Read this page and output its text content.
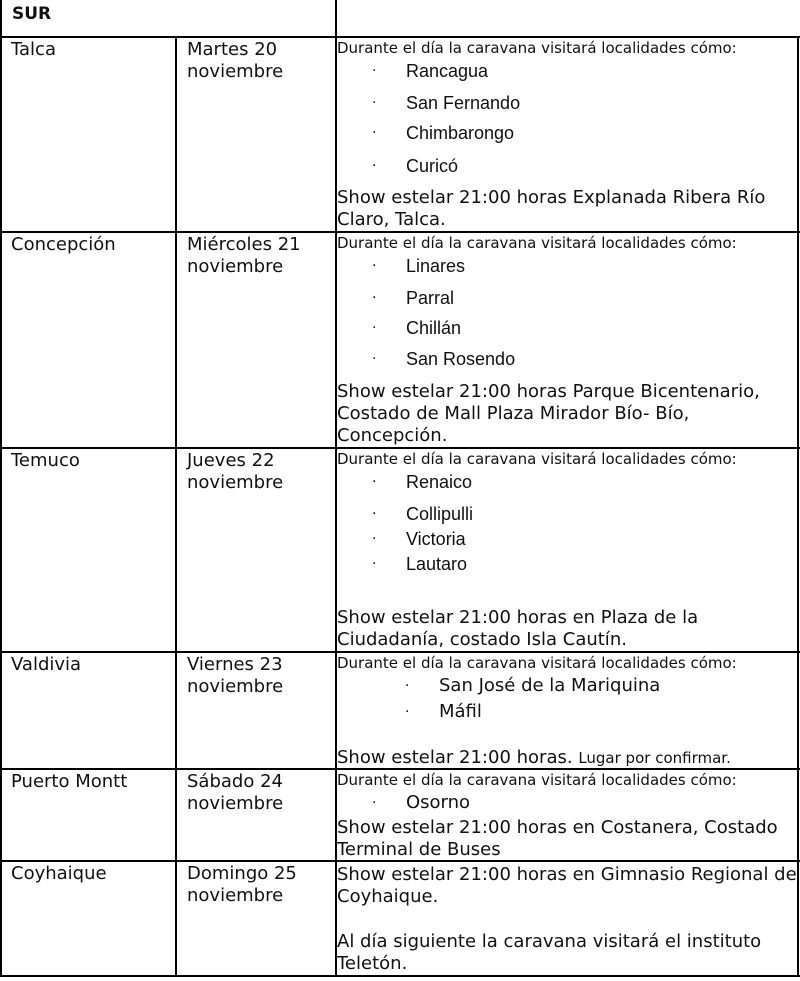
SUR
Talca	Martes 20
noviembre
Durante el día la caravana visitará localidades cómo:
· Rancagua
· San Fernando
· Chimbarongo
· Curicó
Show estelar 21:00 horas Explanada Ribera Río
Claro, Talca.
Concepción	Miércoles 21
noviembre
Durante el día la caravana visitará localidades cómo:
· Linares
· Parral
· Chillán
· San Rosendo
Show estelar 21:00 horas Parque Bicentenario,
Costado de Mall Plaza Mirador Bío- Bío,
Concepción.
Temuco	Jueves 22
noviembre
Durante el día la caravana visitará localidades cómo:
· Renaico
· Collipulli
· Victoria
· Lautaro
Show estelar 21:00 horas en Plaza de la
Ciudadanía, costado Isla Cautín.
Valdivia	Viernes 23
noviembre
Durante el día la caravana visitará localidades cómo:
· San José de la Mariquina
· Máfil
Show estelar 21:00 horas. Lugar por confirmar.
Puerto Montt	Sábado 24
noviembre
Durante el día la caravana visitará localidades cómo:
· Osorno
Show estelar 21:00 horas en Costanera, Costado
Terminal de Buses
Coyhaique	Domingo 25
noviembre
Show estelar 21:00 horas en Gimnasio Regional de
Coyhaique.
Al día siguiente la caravana visitará el instituto
Teletón.
